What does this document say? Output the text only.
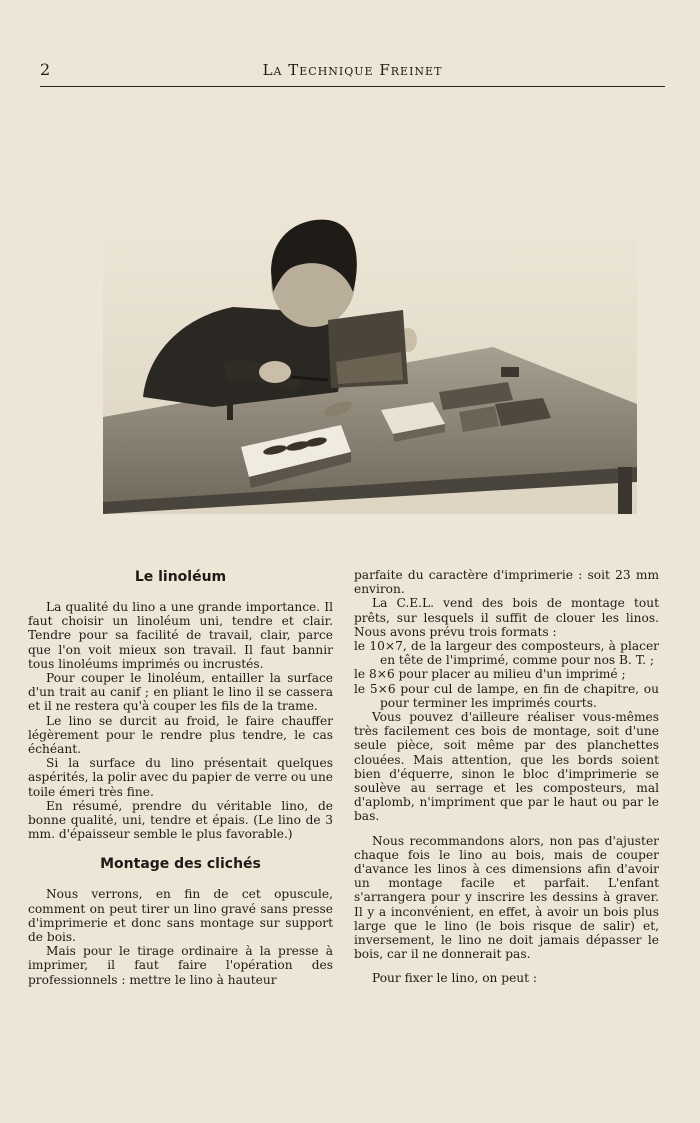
2	La Technique Freinet
Le linoléum

La qualité du lino a une grande importance. Il faut choisir un linoléum uni, tendre et clair. Tendre pour sa facilité de travail, clair, parce que l'on voit mieux son travail. Il faut bannir tous linoléums imprimés ou incrustés.

Pour couper le linoléum, entailler la surface d'un trait au canif ; en pliant le lino il se cassera et il ne restera qu'à couper les fils de la trame.

Le lino se durcit au froid, le faire chauffer légèrement pour le rendre plus tendre, le cas échéant.

Si la surface du lino présentait quelques aspérités, la polir avec du papier de verre ou une toile émeri très fine.

En résumé, prendre du véritable lino, de bonne qualité, uni, tendre et épais. (Le lino de 3 mm. d'épaisseur semble le plus favorable.)

Montage des clichés

Nous verrons, en fin de cet opuscule, comment on peut tirer un lino gravé sans presse d'imprimerie et donc sans montage sur support de bois.

Mais pour le tirage ordinaire à la presse à imprimer, il faut faire l'opération des professionnels : mettre le lino à hauteur

parfaite du caractère d'imprimerie : soit 23 mm environ.

La C.E.L. vend des bois de montage tout prêts, sur lesquels il suffit de clouer les linos. Nous avons prévu trois formats :

le 10×7, de la largeur des composteurs, à placer en tête de l'imprimé, comme pour nos B. T. ;

le 8×6 pour placer au milieu d'un imprimé ;

le 5×6 pour cul de lampe, en fin de chapitre, ou pour terminer les imprimés courts.

Vous pouvez d'ailleure réaliser vous-mêmes très facilement ces bois de montage, soit d'une seule pièce, soit même par des planchettes clouées. Mais attention, que les bords soient bien d'équerre, sinon le bloc d'imprimerie se soulève au serrage et les composteurs, mal d'aplomb, n'impriment que par le haut ou par le bas.

Nous recommandons alors, non pas d'ajuster chaque fois le lino au bois, mais de couper d'avance les linos à ces dimensions afin d'avoir un montage facile et parfait. L'enfant s'arrangera pour y inscrire les dessins à graver. Il y a inconvénient, en effet, à avoir un bois plus large que le lino (le bois risque de salir) et, inversement, le lino ne doit jamais dépasser le bois, car il ne donnerait pas.

Pour fixer le lino, on peut :
